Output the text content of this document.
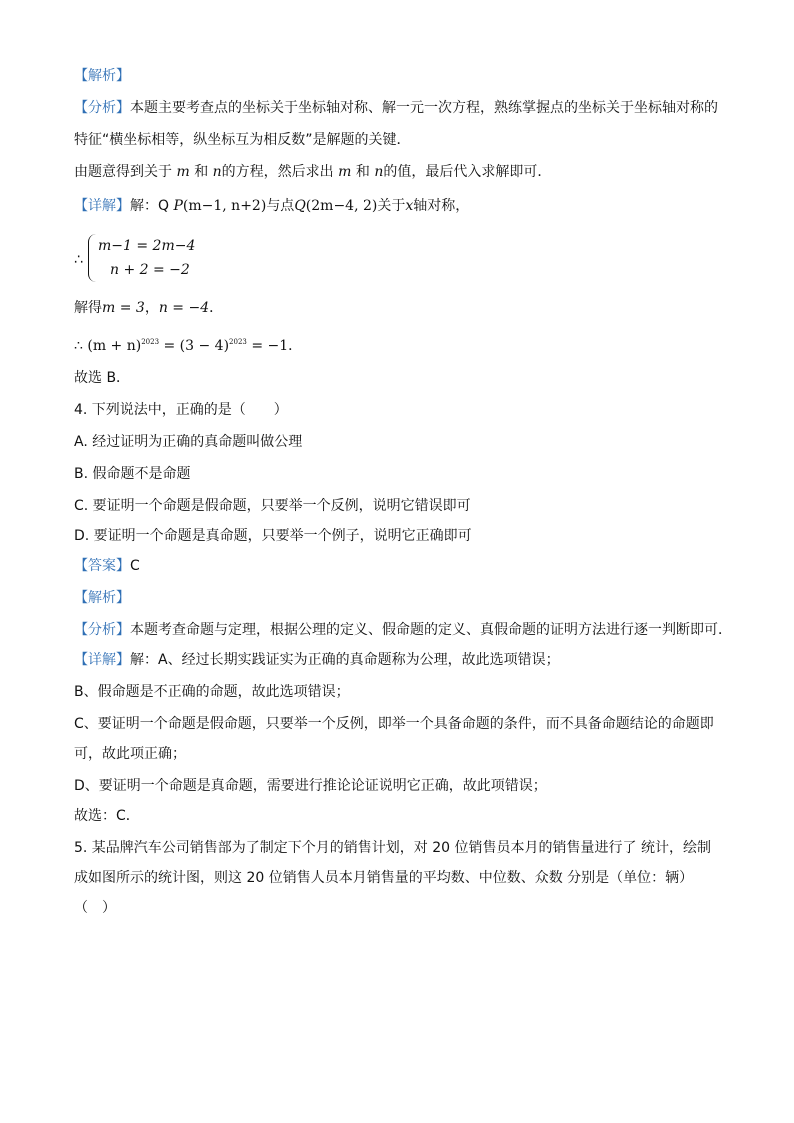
【解析】
【分析】本题主要考查点的坐标关于坐标轴对称、解一元一次方程，熟练掌握点的坐标关于坐标轴对称的
特征“横坐标相等，纵坐标互为相反数”是解题的关键．
由题意得到关于 m 和 n的方程，然后求出 m 和 n的值，最后代入求解即可．
【详解】解：Q P(m−1, n+2)与点Q(2m−4, 2)关于x轴对称，
∴
m−1 = 2m−4
n + 2 = −2
解得m = 3，n = −4．
∴ $(m + n)^{2023} = (3 - 4)^{2023} = -1$．
故选 B．
4. 下列说法中，正确的是（　　）
A. 经过证明为正确的真命题叫做公理
B. 假命题不是命题
C. 要证明一个命题是假命题，只要举一个反例，说明它错误即可
D. 要证明一个命题是真命题，只要举一个例子，说明它正确即可
【答案】C
【解析】
【分析】本题考查命题与定理，根据公理的定义、假命题的定义、真假命题的证明方法进行逐一判断即可．
【详解】解：A、经过长期实践证实为正确的真命题称为公理，故此选项错误；
B、假命题是不正确的命题，故此选项错误；
C、要证明一个命题是假命题，只要举一个反例，即举一个具备命题的条件，而不具备命题结论的命题即
可，故此项正确；
D、要证明一个命题是真命题，需要进行推论论证说明它正确，故此项错误；
故选：C．
5. 某品牌汽车公司销售部为了制定下个月的销售计划，对 20 位销售员本月的销售量进行了 统计，绘制
成如图所示的统计图，则这 20 位销售人员本月销售量的平均数、中位数、众数 分别是（单位：辆）
（　）
